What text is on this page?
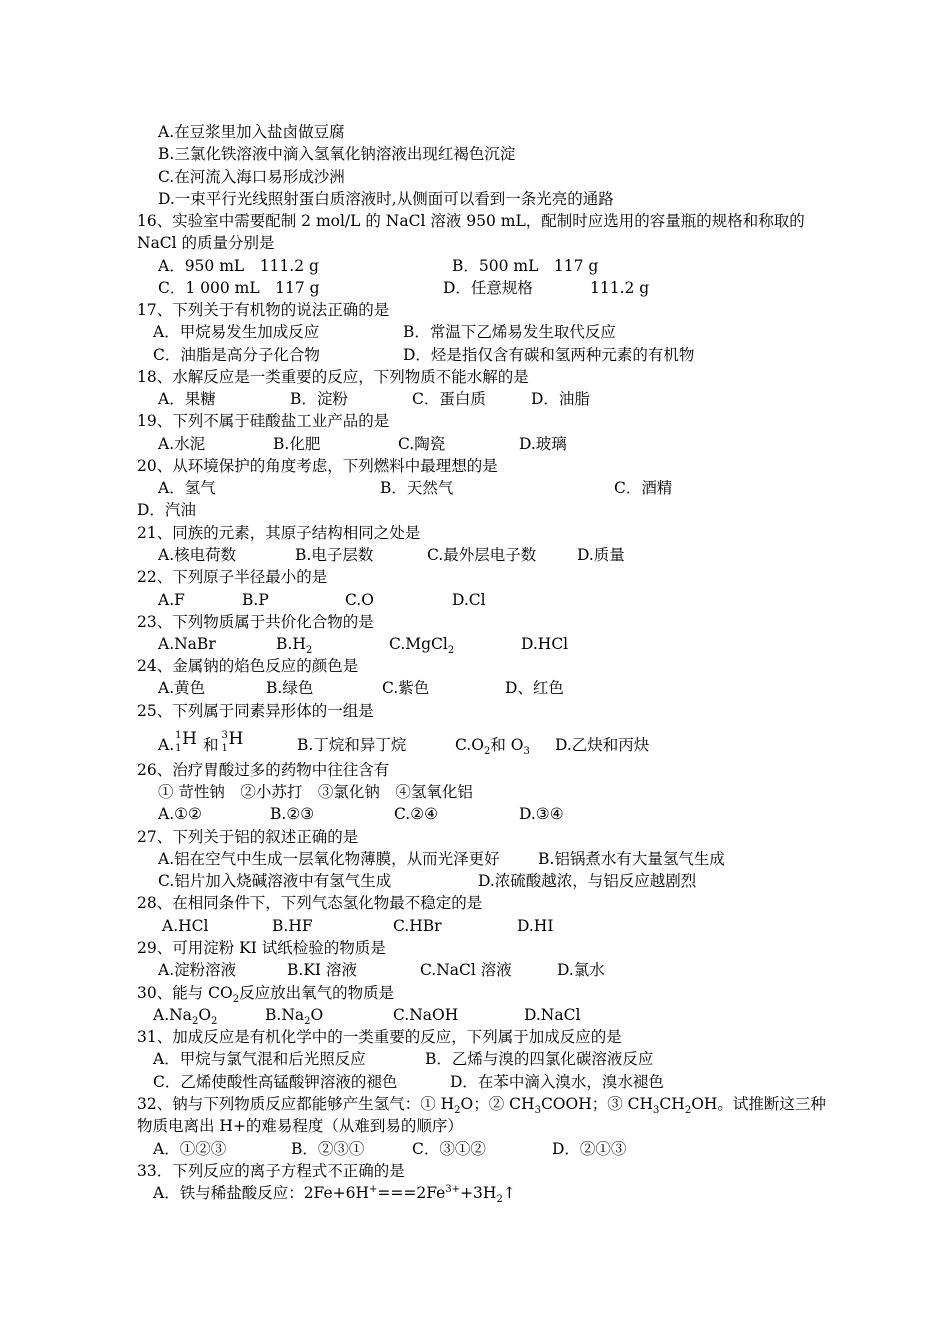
A.在豆浆里加入盐卤做豆腐
B.三氯化铁溶液中滴入氢氧化钠溶液出现红褐色沉淀
C.在河流入海口易形成沙洲
D.一束平行光线照射蛋白质溶液时,从侧面可以看到一条光亮的通路
16、实验室中需要配制 2 mol/L 的 NaCl 溶液 950 mL，配制时应选用的容量瓶的规格和称取的
NaCl 的质量分别是
A．950 mL　111.2 g	B．500 mL　117 g
C．1 000 mL　117 g	D．任意规格	111.2 g
17、下列关于有机物的说法正确的是
A．甲烷易发生加成反应	B．常温下乙烯易发生取代反应
C．油脂是高分子化合物	D．烃是指仅含有碳和氢两种元素的有机物
18、水解反应是一类重要的反应，下列物质不能水解的是
A．果糖	B．淀粉	C．蛋白质	D．油脂
19、下列不属于硅酸盐工业产品的是
A.水泥	B.化肥	C.陶瓷	D.玻璃
20、从环境保护的角度考虑，下列燃料中最理想的是
A．氢气	B．天然气	C．酒精
D．汽油
21、同族的元素，其原子结构相同之处是
A.核电荷数	B.电子层数	C.最外层电子数	D.质量
22、下列原子半径最小的是
A.F	B.P	C.O	D.Cl
23、下列物质属于共价化合物的是
A.NaBr	$B.H_2$	C.MgCl$_2$	D.HCl
24、金属钠的焰色反应的颜色是
A.黄色	B.绿色	C.紫色	D、红色
25、下列属于同素异形体的一组是
A.
1
1 H 和
3
1 H	B.丁烷和异丁烷	$C.O_2$和 $O_3$ D.乙炔和丙炔
26、治疗胃酸过多的药物中往往含有
① 苛性钠　②小苏打　③氯化钠　④氢氧化铝
A.①②	B.②③	C.②④	D.③④
27、下列关于铝的叙述正确的是
A.铝在空气中生成一层氧化物薄膜，从而光泽更好 B.铝锅煮水有大量氢气生成
C.铝片加入烧碱溶液中有氢气生成	D.浓硫酸越浓，与铝反应越剧烈
28、在相同条件下，下列气态氢化物最不稳定的是
A.HCl	B.HF	C.HBr	D.HI
29、可用淀粉 KI 试纸检验的物质是
A.淀粉溶液	B.KI 溶液	C.NaCl 溶液	D.氯水
30、能与 $CO_2$反应放出氧气的物质是
$A.Na_2O_2$	$B.Na_2O$	C.NaOH	D.NaCl
31、加成反应是有机化学中的一类重要的反应，下列属于加成反应的是
A．甲烷与氯气混和后光照反应	B．乙烯与溴的四氯化碳溶液反应
C．乙烯使酸性高锰酸钾溶液的褪色	D．在苯中滴入溴水，溴水褪色
32、钠与下列物质反应都能够产生氢气：① $H_2O$；② $CH_3COOH$；③ $CH_3CH_2OH$。试推断这三种
物质电离出 H+的难易程度（从难到易的顺序）
A．①②③	B．②③①	C．③①②	D．②①③
33．下列反应的离子方程式不正确的是
A．铁与稀盐酸反应：$2Fe+6H^+===2Fe^{3+}+3H_2↑$
